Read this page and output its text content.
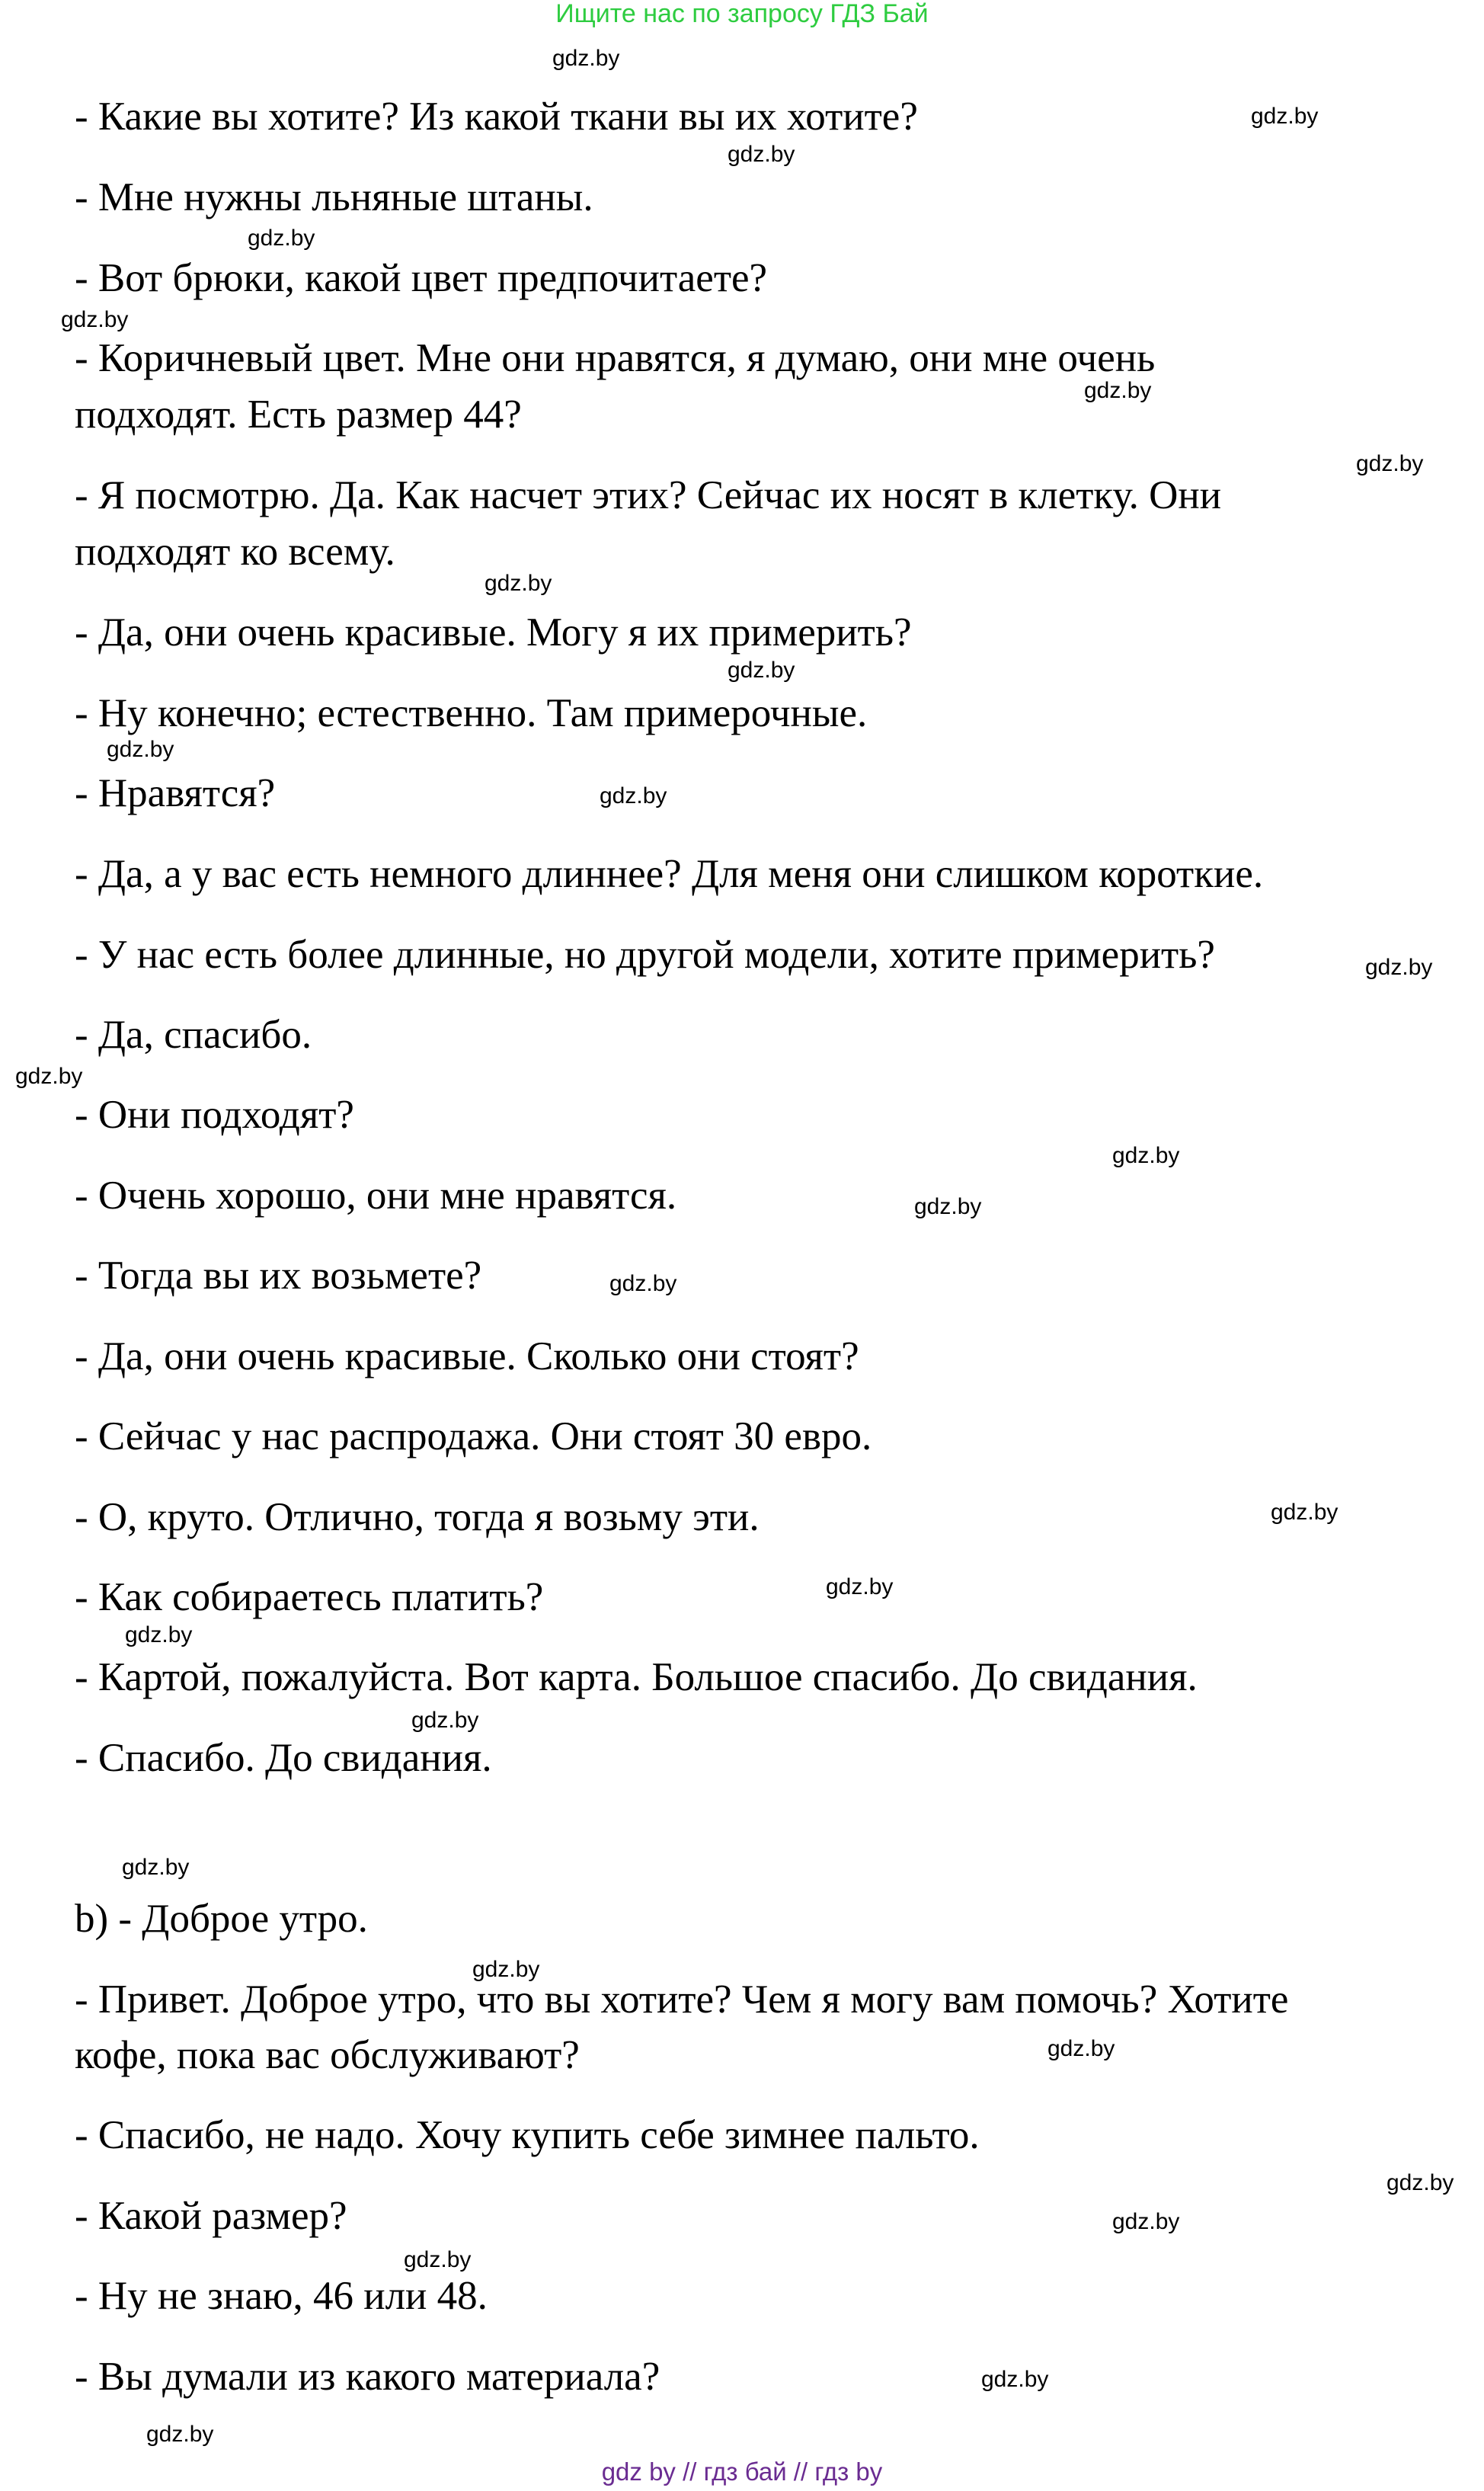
Ищите нас по запросу ГДЗ Бай
- Какие вы хотите? Из какой ткани вы их хотите?
- Мне нужны льняные штаны.
- Вот брюки, какой цвет предпочитаете?
- Коричневый цвет. Мне они нравятся, я думаю, они мне очень
подходят. Есть размер 44?
- Я посмотрю. Да. Как насчет этих? Сейчас их носят в клетку. Они
подходят ко всему.
- Да, они очень красивые. Могу я их примерить?
- Ну конечно; естественно. Там примерочные.
- Нравятся?
- Да, а у вас есть немного длиннее? Для меня они слишком короткие.
- У нас есть более длинные, но другой модели, хотите примерить?
- Да, спасибо.
- Они подходят?
- Очень хорошо, они мне нравятся.
- Тогда вы их возьмете?
- Да, они очень красивые. Сколько они стоят?
- Сейчас у нас распродажа. Они стоят 30 евро.
- О, круто. Отлично, тогда я возьму эти.
- Как собираетесь платить?
- Картой, пожалуйста. Вот карта. Большое спасибо. До свидания.
- Спасибо. До свидания.
b) - Доброе утро.
- Привет. Доброе утро, что вы хотите? Чем я могу вам помочь? Хотите
кофе, пока вас обслуживают?
- Спасибо, не надо. Хочу купить себе зимнее пальто.
- Какой размер?
- Ну не знаю, 46 или 48.
- Вы думали из какого материала?
gdz.by
gdz.by
gdz.by
gdz.by
gdz.by
gdz.by
gdz.by
gdz.by
gdz.by
gdz.by
gdz.by
gdz.by
gdz.by
gdz.by
gdz.by
gdz.by
gdz.by
gdz.by
gdz.by
gdz.by
gdz.by
gdz.by
gdz.by
gdz.by
gdz.by
gdz.by
gdz.by
gdz.by
gdz by // гдз бай // гдз by
